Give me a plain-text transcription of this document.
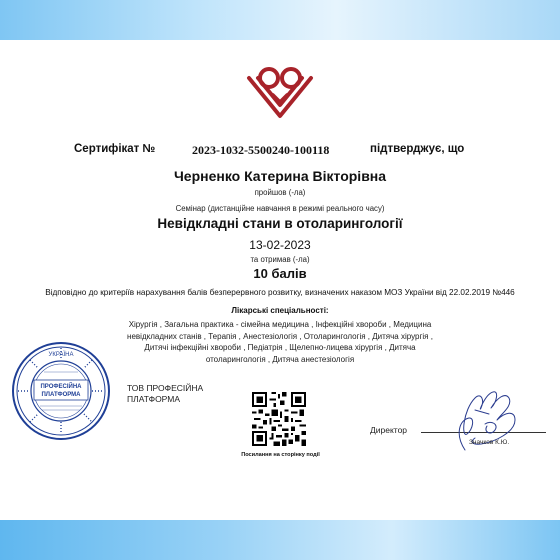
Сертифікат №	2023-1032-5500240-100118	підтверджує, що
Черненко Катерина Вікторівна
пройшов (-ла)
Семінар (дистанційне навчання в режимі реального часу)
Невідкладні стани в отоларингології
13-02-2023
та отримав (-ла)
10 балів
Відповідно до критеріїв нарахування балів безперервного розвитку, визначених наказом МОЗ України від 22.02.2019 №446
Лікарські спеціальності:
Хірургія , Загальна практика - сімейна медицина , Інфекційні хвороби , Медицина
невідкладних станів , Терапія , Анестезіологія , Отоларингологія , Дитяча хірургія ,
Дитячі інфекційні хвороби , Педіатрія , Щелепно-лицева хірургія , Дитяча
отоларингологія , Дитяча анестезіологія
УКРАЇНА
ПРОФЕСІЙНА
ПЛАТФОРМА
ТОВ ПРОФЕСІЙНА
ПЛАТФОРМА
Посилання на сторінку події
Директор
Значков К.Ю.
